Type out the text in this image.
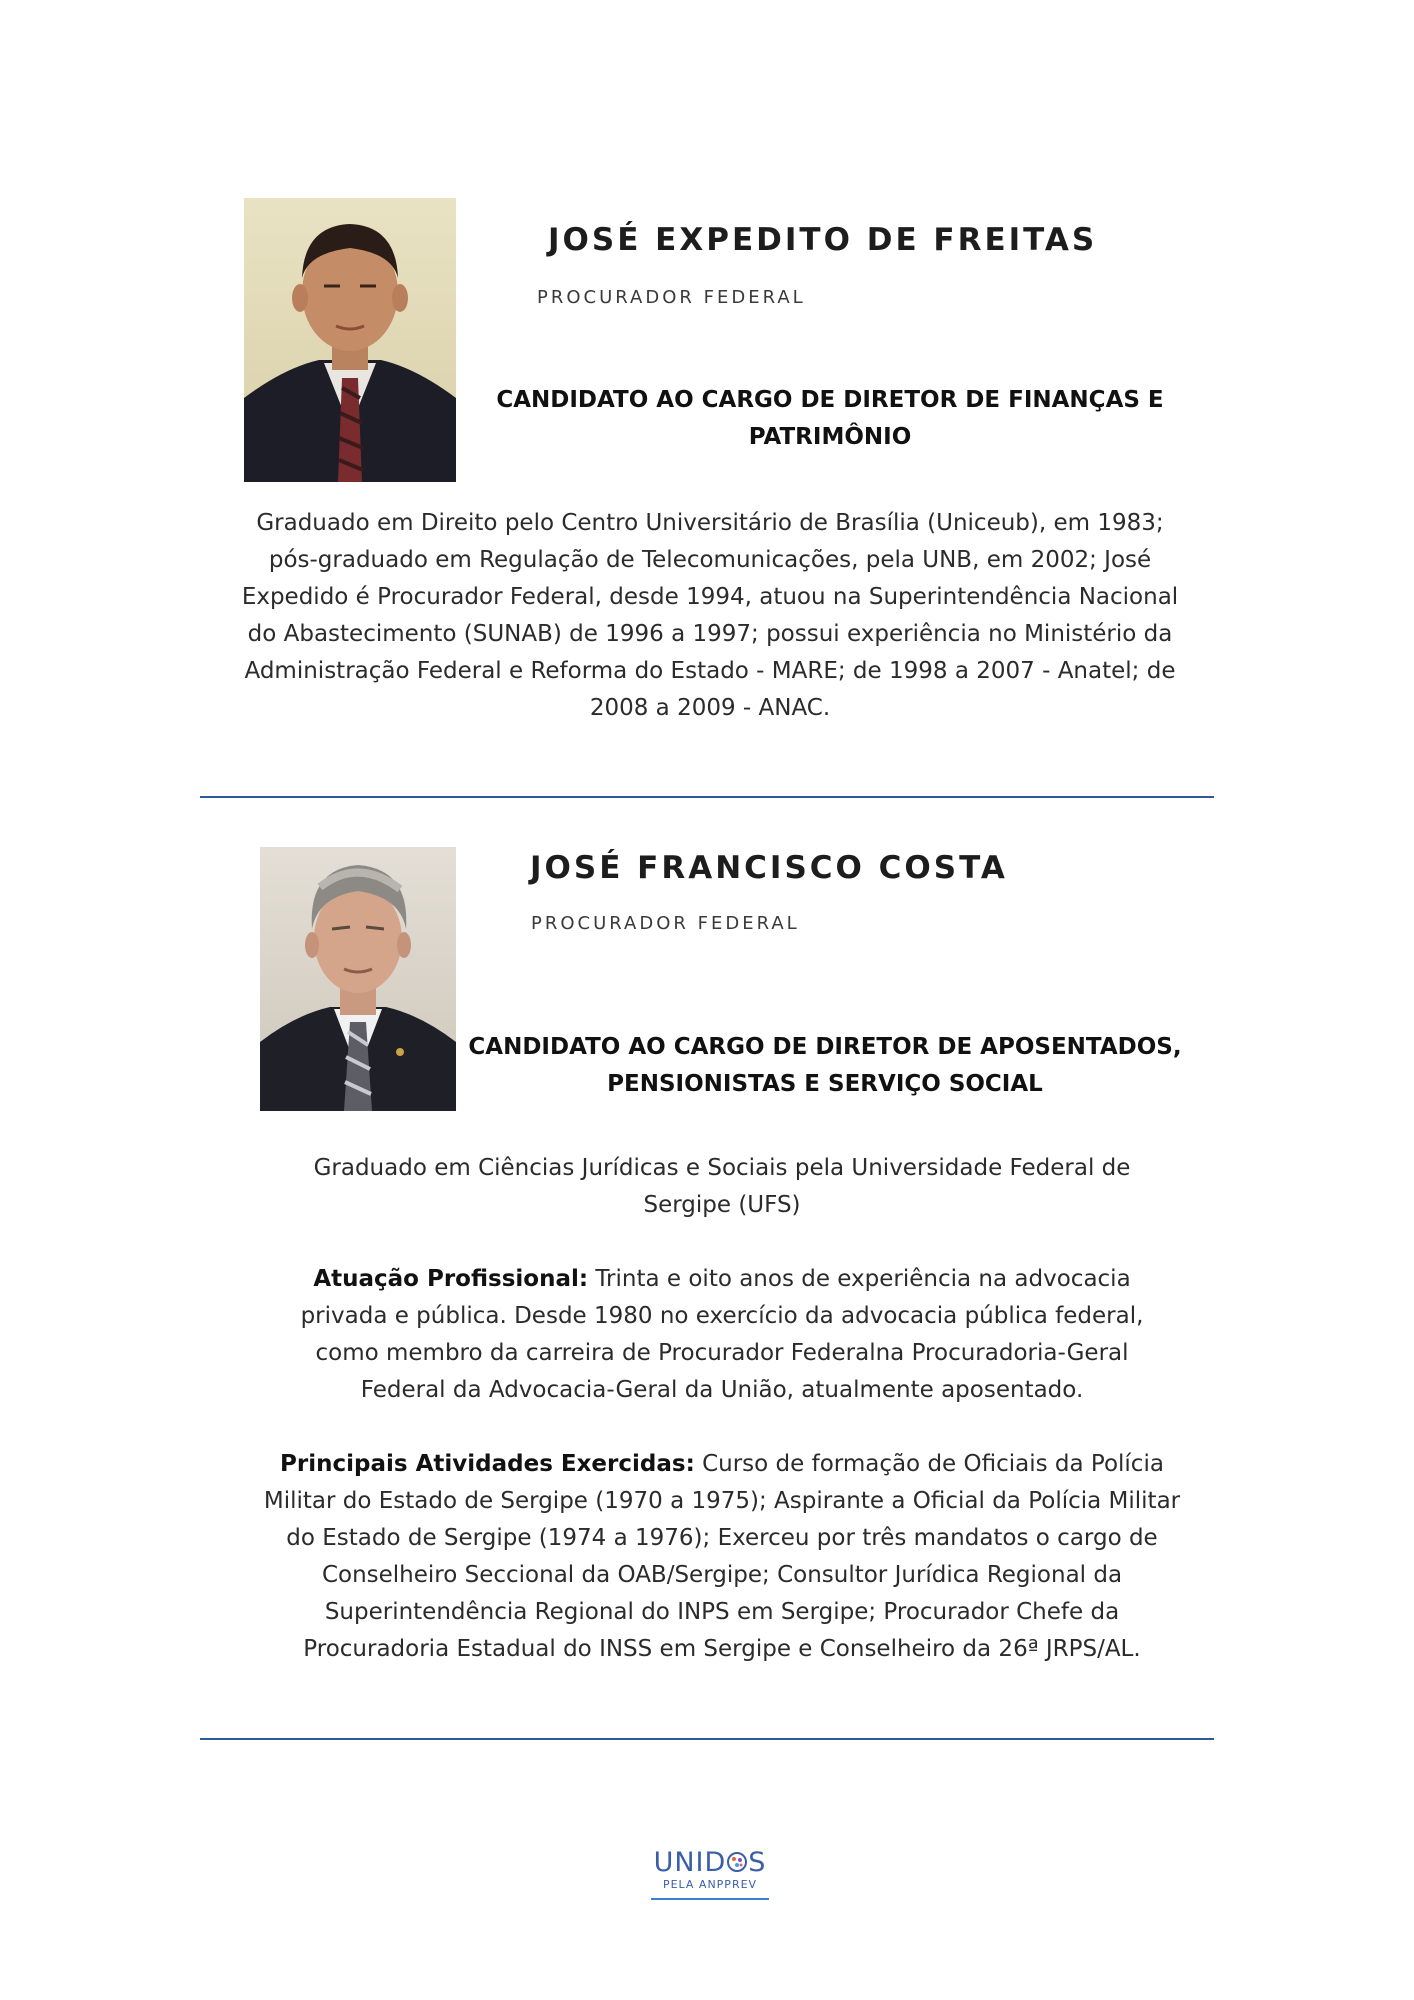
JOSÉ EXPEDITO DE FREITAS
PROCURADOR FEDERAL
CANDIDATO AO CARGO DE DIRETOR DE FINANÇAS E PATRIMÔNIO

Graduado em Direito pelo Centro Universitário de Brasília (Uniceub), em 1983; pós-graduado em Regulação de Telecomunicações, pela UNB, em 2002; José Expedido é Procurador Federal, desde 1994, atuou na Superintendência Nacional do Abastecimento (SUNAB) de 1996 a 1997; possui experiência no Ministério da Administração Federal e Reforma do Estado - MARE; de 1998 a 2007 - Anatel; de 2008 a 2009 - ANAC.

JOSÉ FRANCISCO COSTA
PROCURADOR FEDERAL
CANDIDATO AO CARGO DE DIRETOR DE APOSENTADOS, PENSIONISTAS E SERVIÇO SOCIAL

Graduado em Ciências Jurídicas e Sociais pela Universidade Federal de Sergipe (UFS)

Atuação Profissional: Trinta e oito anos de experiência na advocacia privada e pública. Desde 1980 no exercício da advocacia pública federal, como membro da carreira de Procurador Federalna Procuradoria-Geral Federal da Advocacia-Geral da União, atualmente aposentado.

Principais Atividades Exercidas: Curso de formação de Oficiais da Polícia Militar do Estado de Sergipe (1970 a 1975); Aspirante a Oficial da Polícia Militar do Estado de Sergipe (1974 a 1976); Exerceu por três mandatos o cargo de Conselheiro Seccional da OAB/Sergipe; Consultor Jurídica Regional da Superintendência Regional do INPS em Sergipe; Procurador Chefe da Procuradoria Estadual do INSS em Sergipe e Conselheiro da 26ª JRPS/AL.

UNID S
PELA ANPPREV
